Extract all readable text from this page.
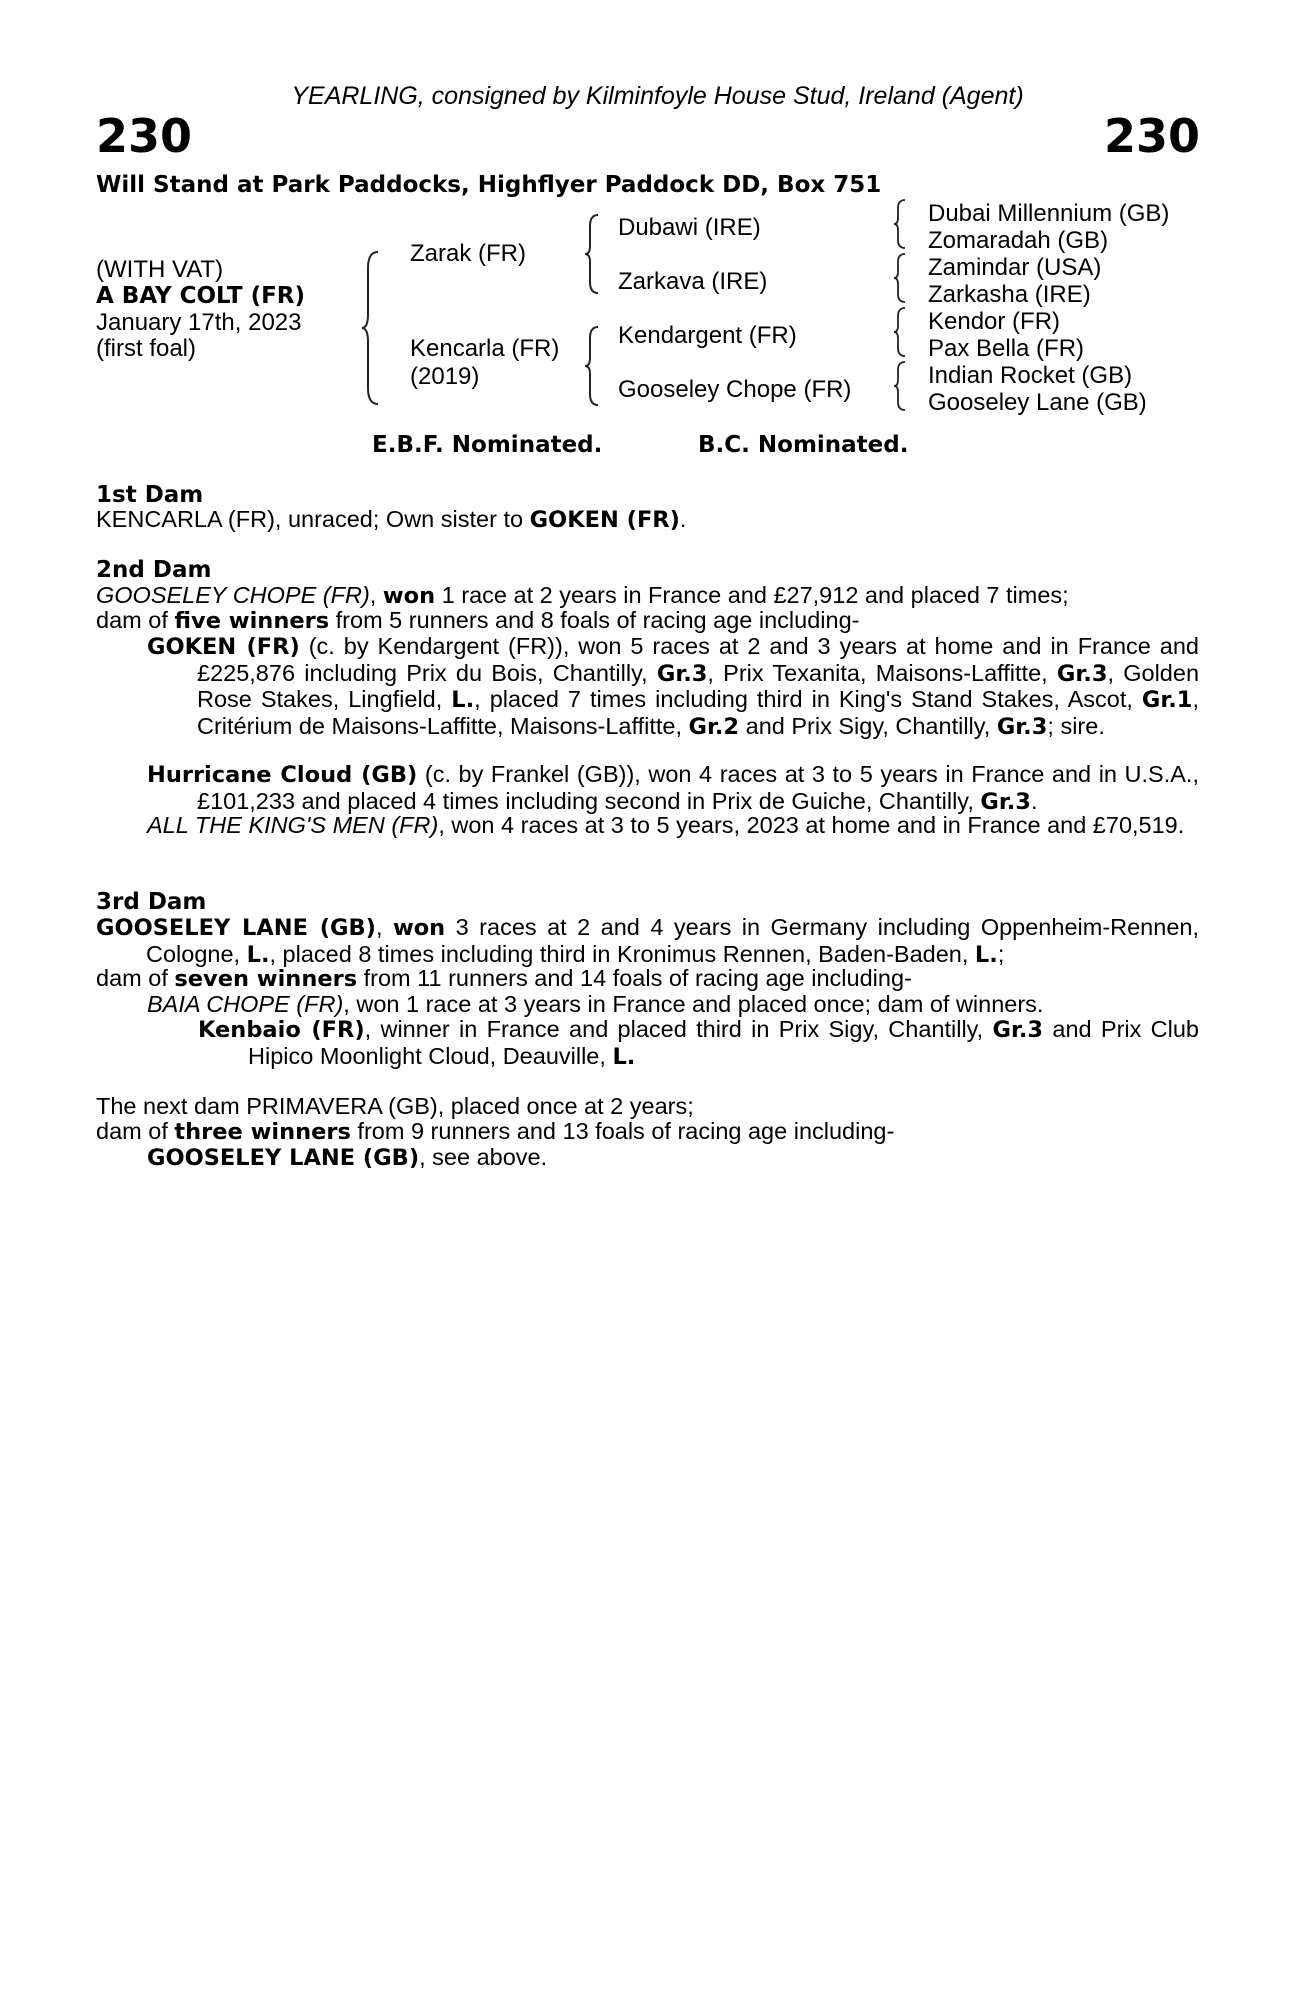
YEARLING, consigned by Kilminfoyle House Stud, Ireland (Agent)
230	230
Will Stand at Park Paddocks, Highflyer Paddock DD, Box 751
(WITH VAT)
A BAY COLT (FR)
January 17th, 2023
(first foal)
Zarak (FR)
Kencarla (FR)
(2019)
Dubawi (IRE)
Zarkava (IRE)
Kendargent (FR)
Gooseley Chope (FR)
Dubai Millennium (GB)
Zomaradah (GB)
Zamindar (USA)
Zarkasha (IRE)
Kendor (FR)
Pax Bella (FR)
Indian Rocket (GB)
Gooseley Lane (GB)
E.B.F. Nominated.	B.C. Nominated.
1st Dam
KENCARLA (FR), unraced; Own sister to GOKEN (FR).
2nd Dam
GOOSELEY CHOPE (FR), won 1 race at 2 years in France and £27,912 and placed 7 times;
dam of five winners from 5 runners and 8 foals of racing age including-
GOKEN (FR) (c. by Kendargent (FR)), won 5 races at 2 and 3 years at home and in France and £225,876 including Prix du Bois, Chantilly, Gr.3, Prix Texanita, Maisons-Laffitte, Gr.3, Golden Rose Stakes, Lingfield, L., placed 7 times including third in King's Stand Stakes, Ascot, Gr.1, Critérium de Maisons-Laffitte, Maisons-Laffitte, Gr.2 and Prix Sigy, Chantilly, Gr.3; sire.
Hurricane Cloud (GB) (c. by Frankel (GB)), won 4 races at 3 to 5 years in France and in U.S.A., £101,233 and placed 4 times including second in Prix de Guiche, Chantilly, Gr.3.
ALL THE KING'S MEN (FR), won 4 races at 3 to 5 years, 2023 at home and in France and £70,519.
3rd Dam
GOOSELEY LANE (GB), won 3 races at 2 and 4 years in Germany including Oppenheim-Rennen, Cologne, L., placed 8 times including third in Kronimus Rennen, Baden-Baden, L.;
dam of seven winners from 11 runners and 14 foals of racing age including-
BAIA CHOPE (FR), won 1 race at 3 years in France and placed once; dam of winners.
Kenbaio (FR), winner in France and placed third in Prix Sigy, Chantilly, Gr.3 and Prix Club Hipico Moonlight Cloud, Deauville, L.
The next dam PRIMAVERA (GB), placed once at 2 years;
dam of three winners from 9 runners and 13 foals of racing age including-
GOOSELEY LANE (GB), see above.
